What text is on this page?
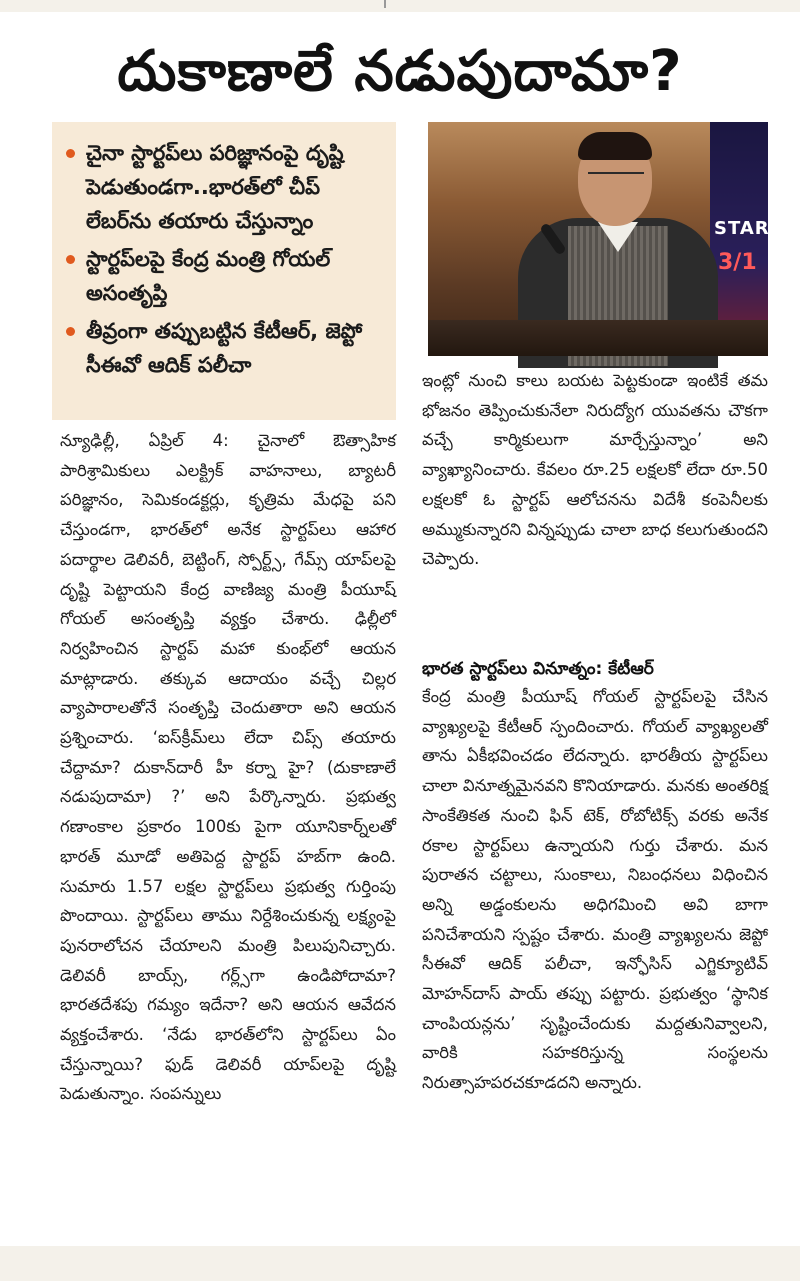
దుకాణాలే నడుపుదామా?
చైనా స్టార్టప్‌లు పరిజ్ఞానంపై దృష్టి పెడుతుండగా..భారత్‌లో చీప్ లేబర్‌ను తయారు చేస్తున్నాం
స్టార్టప్‌లపై కేంద్ర మంత్రి గోయల్ అసంతృప్తి
తీవ్రంగా తప్పుబట్టిన కేటీఆర్, జెప్టో సీఈవో ఆదిక్ పలీచా
STARTU
3/1
న్యూఢిల్లీ, ఏప్రిల్ 4: చైనాలో ఔత్సాహిక పారిశ్రామికులు ఎలక్ట్రిక్ వాహనాలు, బ్యాటరీ పరిజ్ఞానం, సెమికండక్టర్లు, కృత్రిమ మేధపై పని చేస్తుండగా, భారత్‌లో అనేక స్టార్టప్‌లు ఆహార పదార్థాల డెలివరీ, బెట్టింగ్, స్పోర్ట్స్, గేమ్స్ యాప్‌లపై దృష్టి పెట్టాయని కేంద్ర వాణిజ్య మంత్రి పీయూష్ గోయల్ అసంతృప్తి వ్యక్తం చేశారు. ఢిల్లీలో నిర్వహించిన స్టార్టప్ మహా కుంభ్‌లో ఆయన మాట్లాడారు. తక్కువ ఆదాయం వచ్చే చిల్లర వ్యాపారాలతోనే సంతృప్తి చెందుతారా అని ఆయన ప్రశ్నించారు. ‘ఐస్‌క్రీమ్‌లు లేదా చిప్స్ తయారు చేద్దామా? దుకాన్‌దారీ హీ కర్నా హై? (దుకాణాలే నడుపుదామా) ?’ అని పేర్కొన్నారు. ప్రభుత్వ గణాంకాల ప్రకారం 100కు పైగా యూనికార్న్‌లతో భారత్ మూడో అతిపెద్ద స్టార్టప్ హబ్‌గా ఉంది. సుమారు 1.57 లక్షల స్టార్టప్‌లు ప్రభుత్వ గుర్తింపు పొందాయి. స్టార్టప్‌లు తాము నిర్దేశించుకున్న లక్ష్యంపై పునరాలోచన చేయాలని మంత్రి పిలుపునిచ్చారు. డెలివరీ బాయ్స్, గర్ల్స్‌గా ఉండిపోదామా? భారతదేశపు గమ్యం ఇదేనా? అని ఆయన ఆవేదన వ్యక్తంచేశారు. ‘నేడు భారత్‌లోని స్టార్టప్‌లు ఏం చేస్తున్నాయి? ఫుడ్ డెలివరీ యాప్‌లపై దృష్టి పెడుతున్నాం. సంపన్నులు
ఇంట్లో నుంచి కాలు బయట పెట్టకుండా ఇంటికే తమ భోజనం తెప్పించుకునేలా నిరుద్యోగ యువతను చౌకగా వచ్చే కార్మికులుగా మార్చేస్తున్నాం’ అని వ్యాఖ్యానించారు. కేవలం రూ.25 లక్షలకో లేదా రూ.50 లక్షలకో ఓ స్టార్టప్ ఆలోచనను విదేశీ కంపెనీలకు అమ్ముకున్నారని విన్నప్పుడు చాలా బాధ కలుగుతుందని చెప్పారు.
భారత స్టార్టప్‌లు వినూత్నం: కేటీఆర్
కేంద్ర మంత్రి పీయూష్ గోయల్ స్టార్టప్‌లపై చేసిన వ్యాఖ్యలపై కేటీఆర్ స్పందించారు. గోయల్ వ్యాఖ్యలతో తాను ఏకీభవించడం లేదన్నారు. భారతీయ స్టార్టప్‌లు చాలా వినూత్నమైనవని కొనియాడారు. మనకు అంతరిక్ష సాంకేతికత నుంచి ఫిన్ టెక్, రోబోటిక్స్ వరకు అనేక రకాల స్టార్టప్‌లు ఉన్నాయని గుర్తు చేశారు. మన పురాతన చట్టాలు, సుంకాలు, నిబంధనలు విధించిన అన్ని అడ్డంకులను అధిగమించి అవి బాగా పనిచేశాయని స్పష్టం చేశారు. మంత్రి వ్యాఖ్యలను జెప్టో సీఈవో ఆదిక్ పలీచా, ఇన్ఫోసిస్ ఎగ్జిక్యూటివ్ మోహన్‌దాస్ పాయ్ తప్పు పట్టారు. ప్రభుత్వం ‘స్థానిక చాంపియన్లను’ సృష్టించేందుకు మద్దతునివ్వాలని, వారికి సహకరిస్తున్న సంస్థలను నిరుత్సాహపరచకూడదని అన్నారు.
